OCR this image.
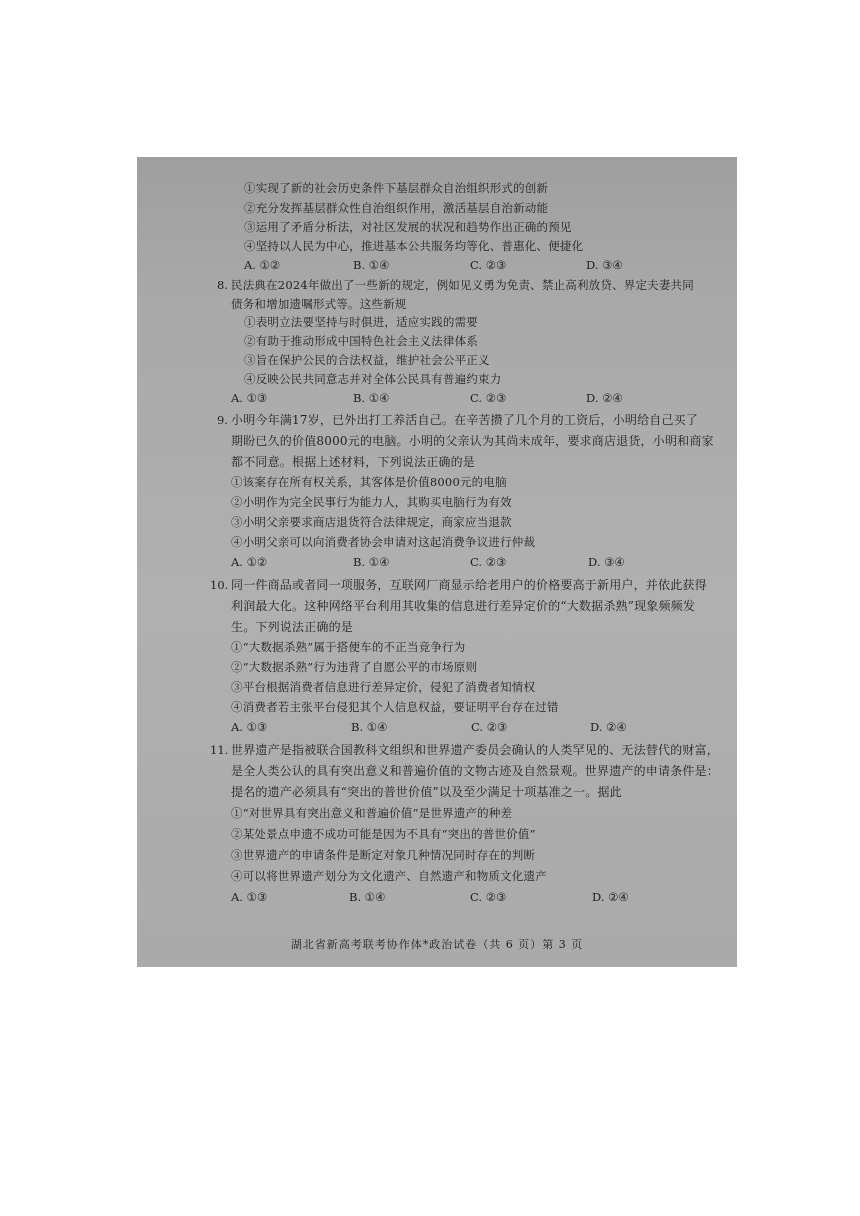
①实现了新的社会历史条件下基层群众自治组织形式的创新
②充分发挥基层群众性自治组织作用，激活基层自治新动能
③运用了矛盾分析法，对社区发展的状况和趋势作出正确的预见
④坚持以人民为中心，推进基本公共服务均等化、普惠化、便捷化
A. ①②	B. ①④	C. ②③	D. ③④
8. 民法典在2024年做出了一些新的规定，例如见义勇为免责、禁止高利放贷、界定夫妻共同
债务和增加遗嘱形式等。这些新规
①表明立法要坚持与时俱进，适应实践的需要
②有助于推动形成中国特色社会主义法律体系
③旨在保护公民的合法权益，维护社会公平正义
④反映公民共同意志并对全体公民具有普遍约束力
A. ①③	B. ①④	C. ②③	D. ②④
9. 小明今年满17岁，已外出打工养活自己。在辛苦攒了几个月的工资后，小明给自己买了
期盼已久的价值8000元的电脑。小明的父亲认为其尚未成年，要求商店退货，小明和商家
都不同意。根据上述材料，下列说法正确的是
①该案存在所有权关系，其客体是价值8000元的电脑
②小明作为完全民事行为能力人，其购买电脑行为有效
③小明父亲要求商店退货符合法律规定，商家应当退款
④小明父亲可以向消费者协会申请对这起消费争议进行仲裁
A. ①②	B. ①④	C. ②③	D. ③④
10. 同一件商品或者同一项服务，互联网厂商显示给老用户的价格要高于新用户，并依此获得
利润最大化。这种网络平台利用其收集的信息进行差异定价的“大数据杀熟”现象频频发
生。下列说法正确的是
①“大数据杀熟”属于搭便车的不正当竞争行为
②“大数据杀熟”行为违背了自愿公平的市场原则
③平台根据消费者信息进行差异定价，侵犯了消费者知情权
④消费者若主张平台侵犯其个人信息权益，要证明平台存在过错
A. ①③	B. ①④	C. ②③	D. ②④
11. 世界遗产是指被联合国教科文组织和世界遗产委员会确认的人类罕见的、无法替代的财富，
是全人类公认的具有突出意义和普遍价值的文物古迹及自然景观。世界遗产的申请条件是：
提名的遗产必须具有“突出的普世价值”以及至少满足十项基准之一。据此
①“对世界具有突出意义和普遍价值”是世界遗产的种差
②某处景点申遗不成功可能是因为不具有“突出的普世价值”
③世界遗产的申请条件是断定对象几种情况同时存在的判断
④可以将世界遗产划分为文化遗产、自然遗产和物质文化遗产
A. ①③	B. ①④	C. ②③	D. ②④
湖北省新高考联考协作体*政治试卷（共 6 页）第 3 页
